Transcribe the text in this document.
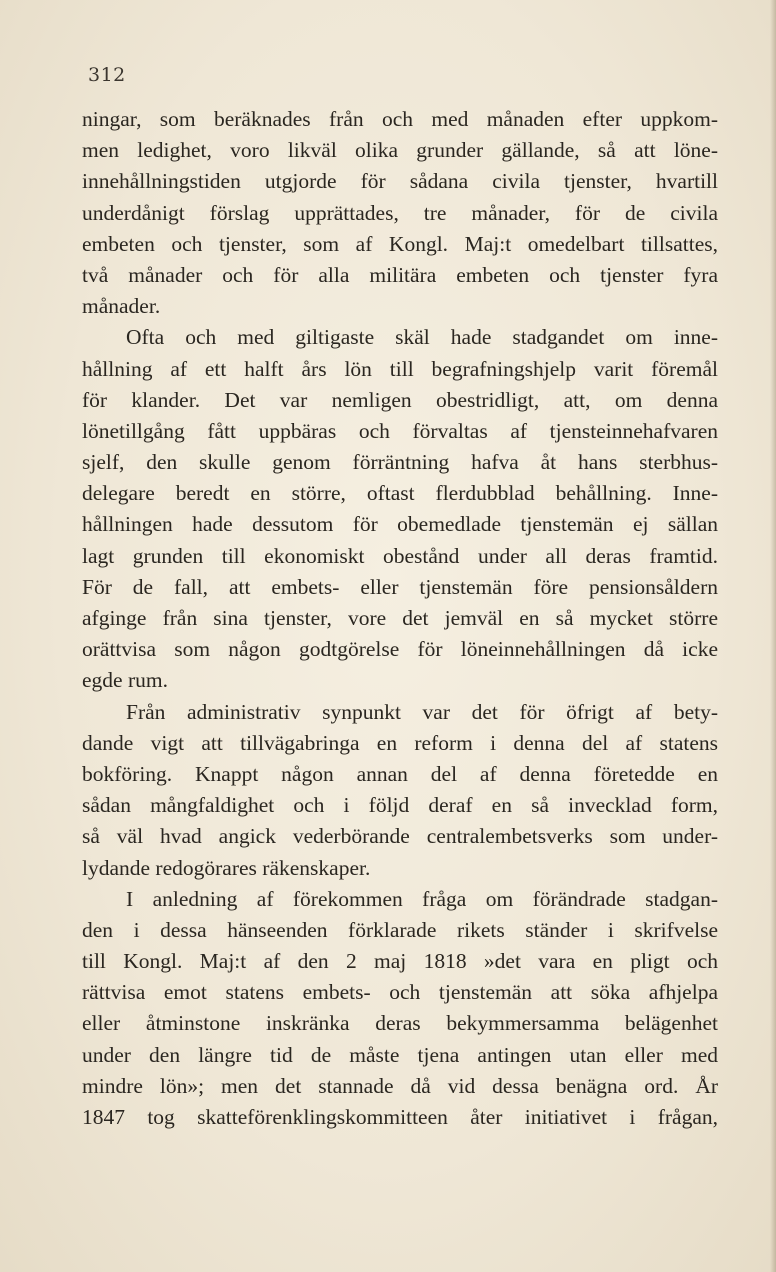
312
ningar, som beräknades från och med månaden efter uppkom-
men ledighet, voro likväl olika grunder gällande, så att löne-
innehållningstiden utgjorde för sådana civila tjenster, hvartill
underdånigt förslag upprättades, tre månader, för de civila
embeten och tjenster, som af Kongl. Maj:t omedelbart tillsattes,
två månader och för alla militära embeten och tjenster fyra
månader.
Ofta och med giltigaste skäl hade stadgandet om inne-
hållning af ett halft års lön till begrafningshjelp varit föremål
för klander. Det var nemligen obestridligt, att, om denna
lönetillgång fått uppbäras och förvaltas af tjensteinnehafvaren
sjelf, den skulle genom förräntning hafva åt hans sterbhus-
delegare beredt en större, oftast flerdubblad behållning. Inne-
hållningen hade dessutom för obemedlade tjenstemän ej sällan
lagt grunden till ekonomiskt obestånd under all deras framtid.
För de fall, att embets- eller tjenstemän före pensionsåldern
afginge från sina tjenster, vore det jemväl en så mycket större
orättvisa som någon godtgörelse för löneinnehållningen då icke
egde rum.
Från administrativ synpunkt var det för öfrigt af bety-
dande vigt att tillvägabringa en reform i denna del af statens
bokföring. Knappt någon annan del af denna företedde en
sådan mångfaldighet och i följd deraf en så invecklad form,
så väl hvad angick vederbörande centralembetsverks som under-
lydande redogörares räkenskaper.
I anledning af förekommen fråga om förändrade stadgan-
den i dessa hänseenden förklarade rikets ständer i skrifvelse
till Kongl. Maj:t af den 2 maj 1818 »det vara en pligt och
rättvisa emot statens embets- och tjenstemän att söka afhjelpa
eller åtminstone inskränka deras bekymmersamma belägenhet
under den längre tid de måste tjena antingen utan eller med
mindre lön»; men det stannade då vid dessa benägna ord. År
1847 tog skatteförenklingskommitteen åter initiativet i frågan,
